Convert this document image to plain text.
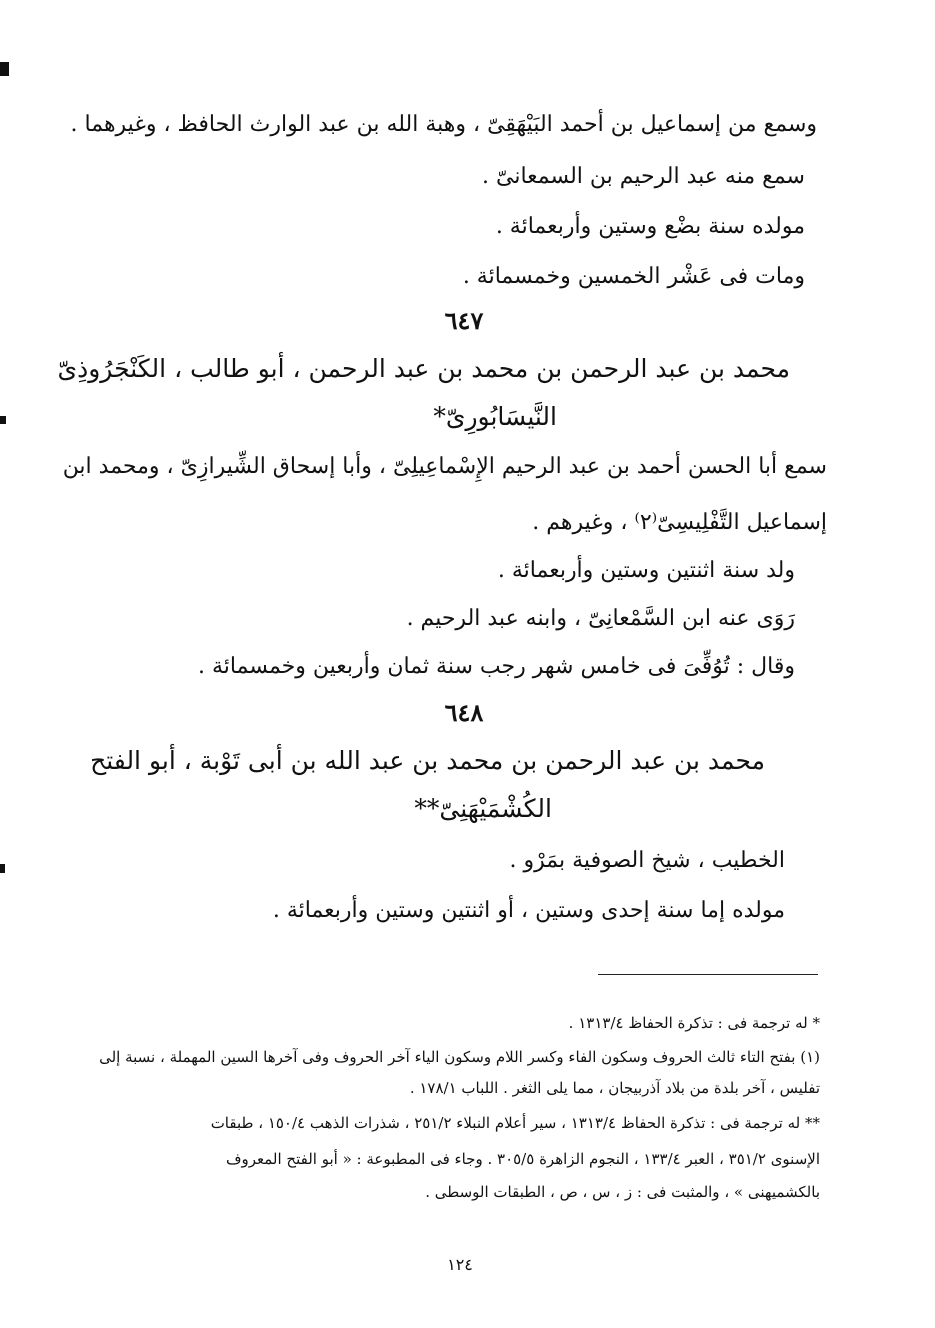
وسمع من إسماعيل بن أحمد البَيْهَقِىّ ، وهبة الله بن عبد الوارث الحافظ ، وغيرهما .
سمع منه عبد الرحيم بن السمعانىّ .
مولده سنة بضْع وستين وأربعمائة .
ومات فى عَشْر الخمسين وخمسمائة .
٦٤٧
محمد بن عبد الرحمن بن محمد بن عبد الرحمن ، أبو طالب ، الكَنْجَرُوذِىّ
النَّيسَابُورِىّ*
سمع أبا الحسن أحمد بن عبد الرحيم الإِسْماعِيلِىّ ، وأبا إسحاق الشِّيرازِىّ ، ومحمد ابن
إسماعيل التَّفْلِيسِىّ⁽٢⁾ ، وغيرهم .
ولد سنة اثنتين وستين وأربعمائة .
رَوَى عنه ابن السَّمْعانِىّ ، وابنه عبد الرحيم .
وقال : تُوُفِّىَ فى خامس شهر رجب سنة ثمان وأربعين وخمسمائة .
٦٤٨
محمد بن عبد الرحمن بن محمد بن عبد الله بن أبى تَوْبة ، أبو الفتح
الكُشْمَيْهَنِىّ**
الخطيب ، شيخ الصوفية بمَرْو .
مولده إما سنة إحدى وستين ، أو اثنتين وستين وأربعمائة .
* له ترجمة فى : تذكرة الحفاظ ١٣١٣/٤ .
(١) بفتح التاء ثالث الحروف وسكون الفاء وكسر اللام وسكون الياء آخر الحروف وفى آخرها السين المهملة ، نسبة إلى
تفليس ، آخر بلدة من بلاد آذربيجان ، مما يلى الثغر . اللباب ١٧٨/١ .
** له ترجمة فى : تذكرة الحفاظ ١٣١٣/٤ ، سير أعلام النبلاء ٢٥١/٢ ، شذرات الذهب ١٥٠/٤ ، طبقات
الإسنوى ٣٥١/٢ ، العبر ١٣٣/٤ ، النجوم الزاهرة ٣٠٥/٥ . وجاء فى المطبوعة : « أبو الفتح المعروف
بالكشميهنى » ، والمثبت فى : ز ، س ، ص ، الطبقات الوسطى .
١٢٤
